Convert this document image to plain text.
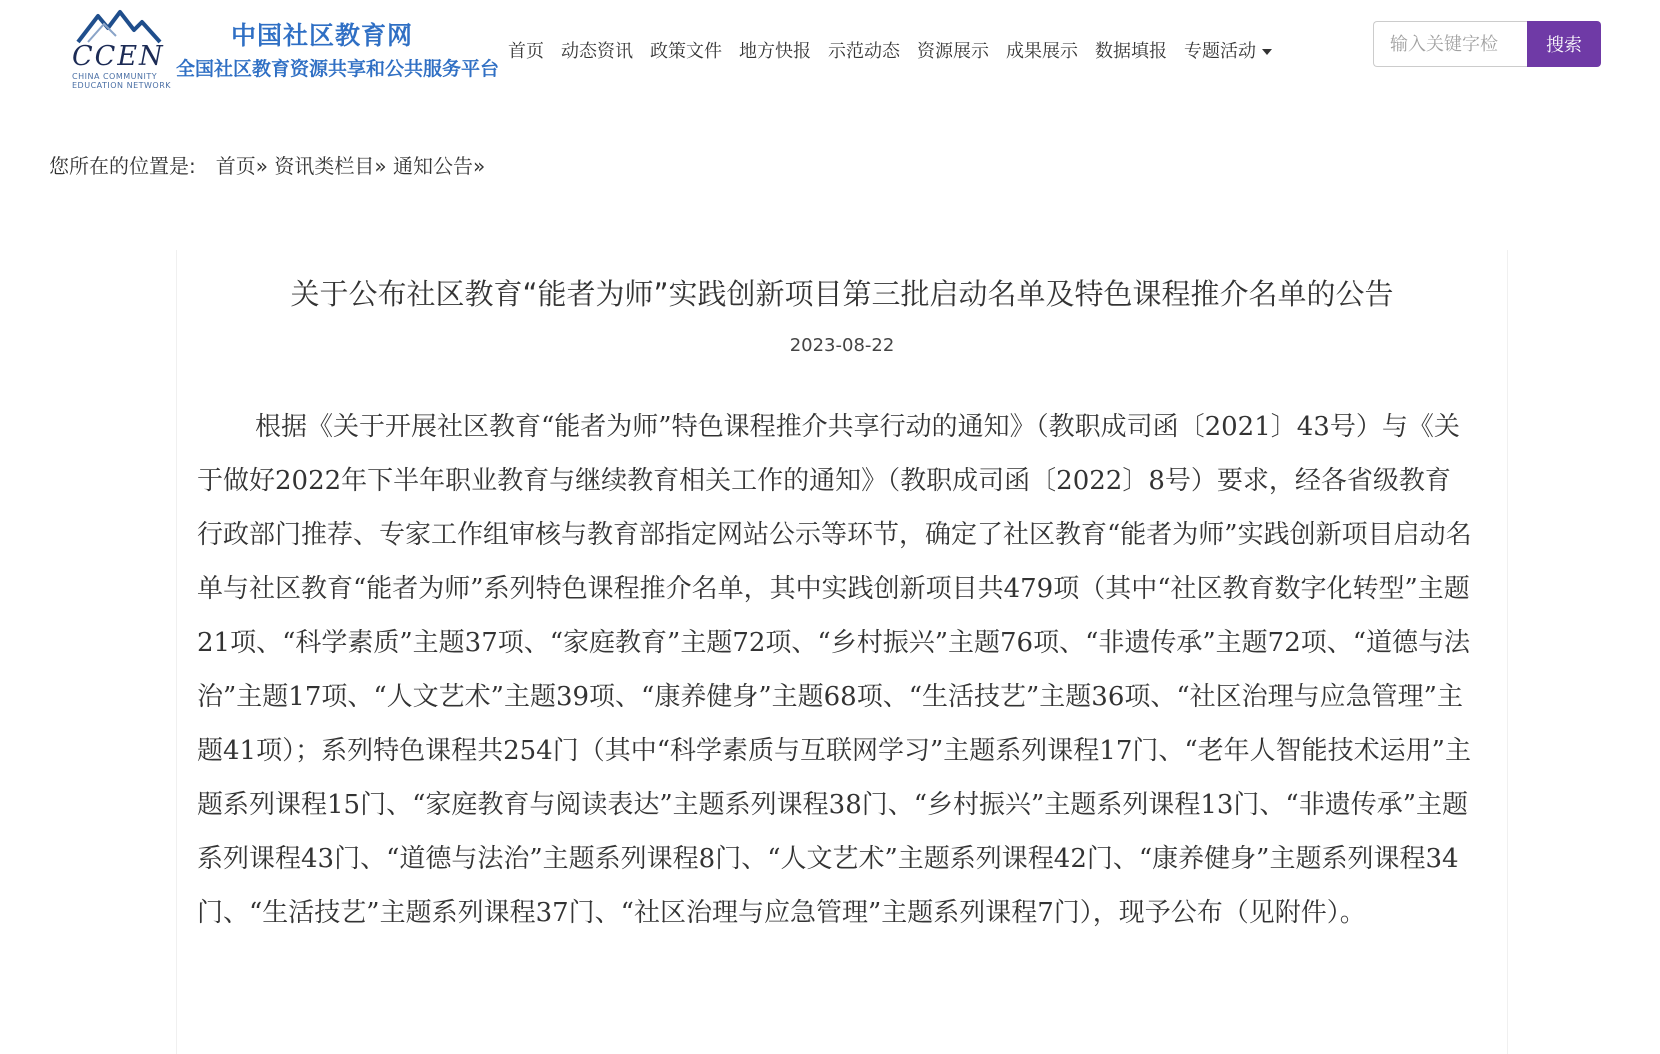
CCEN
CHINA COMMUNITY EDUCATION NETWORK
中国社区教育网
全国社区教育资源共享和公共服务平台
首页 动态资讯 政策文件 地方快报 示范动态 资源展示 成果展示 数据填报 专题活动
输入关键字检	搜索
您所在的位置是: 首页» 资讯类栏目» 通知公告»
关于公布社区教育“能者为师”实践创新项目第三批启动名单及特色课程推介名单的公告
2023-08-22

根据《关于开展社区教育“能者为师”特色课程推介共享行动的通知》（教职成司函〔2021〕43号）与《关于做好2022年下半年职业教育与继续教育相关工作的通知》（教职成司函〔2022〕8号）要求，经各省级教育行政部门推荐、专家工作组审核与教育部指定网站公示等环节，确定了社区教育“能者为师”实践创新项目启动名单与社区教育“能者为师”系列特色课程推介名单，其中实践创新项目共479项（其中“社区教育数字化转型”主题21项、“科学素质”主题37项、“家庭教育”主题72项、“乡村振兴”主题76项、“非遗传承”主题72项、“道德与法治”主题17项、“人文艺术”主题39项、“康养健身”主题68项、“生活技艺”主题36项、“社区治理与应急管理”主题41项）；系列特色课程共254门（其中“科学素质与互联网学习”主题系列课程17门、“老年人智能技术运用”主题系列课程15门、“家庭教育与阅读表达”主题系列课程38门、“乡村振兴”主题系列课程13门、“非遗传承”主题系列课程43门、“道德与法治”主题系列课程8门、“人文艺术”主题系列课程42门、“康养健身”主题系列课程34门、“生活技艺”主题系列课程37门、“社区治理与应急管理”主题系列课程7门），现予公布（见附件）。
